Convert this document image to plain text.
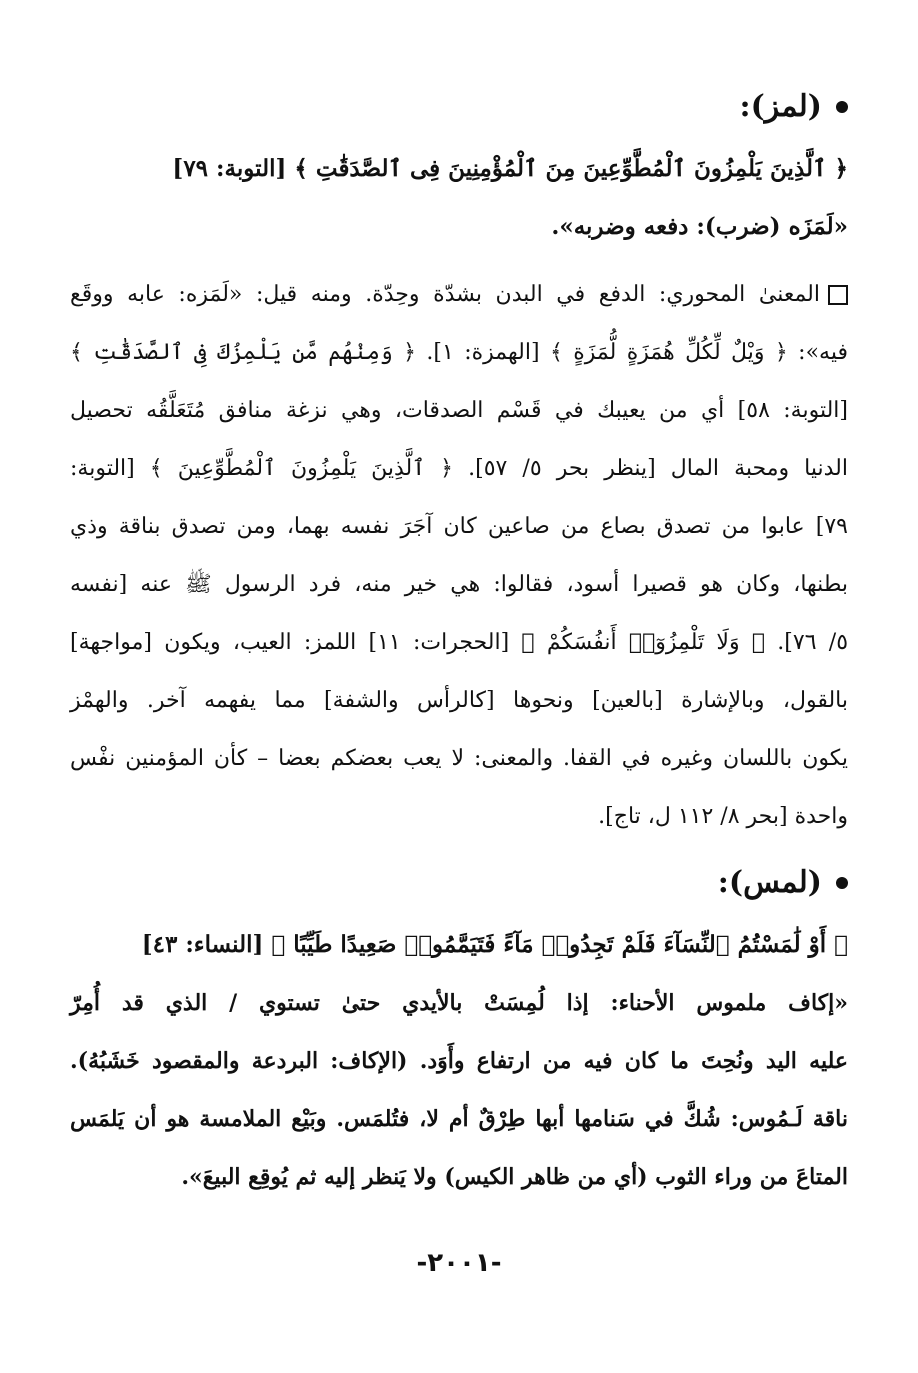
(لمز):
﴿ ٱلَّذِينَ يَلْمِزُونَ ٱلْمُطَّوِّعِينَ مِنَ ٱلْمُؤْمِنِينَ فِى ٱلصَّدَقَٰتِ ﴾ [التوبة: ٧٩]
«لَمَزَه (ضرب): دفعه وضربه».
المعنىٰ المحوري: الدفع في البدن بشدّة وحِدّة. ومنه قيل: «لَمَزه: عابه ووقَع
فيه»: ﴿ وَيْلٌ لِّكُلِّ هُمَزَةٍ لُّمَزَةٍ ﴾ [الهمزة: ١]. ﴿ وَمِنْهُم مَّن يَلْمِزُكَ فِى ٱلصَّدَقَٰتِ ﴾
[التوبة: ٥٨] أي من يعيبك في قَسْم الصدقات، وهي نزغة منافق مُتَعَلَّقُه تحصيل
الدنيا ومحبة المال [ينظر بحر ٥/ ٥٧]. ﴿ ٱلَّذِينَ يَلْمِزُونَ ٱلْمُطَّوِّعِينَ ﴾ [التوبة:
٧٩] عابوا من تصدق بصاع من صاعين كان آجَرَ نفسه بهما، ومن تصدق بناقة وذي
بطنها، وكان هو قصيرا أسود، فقالوا: هي خير منه، فرد الرسول ﷺ عنه [نفسه
٥/ ٧٦]. ﴿ وَلَا تَلْمِزُوٓا۟ أَنفُسَكُمْ ﴾ [الحجرات: ١١] اللمز: العيب، ويكون [مواجهة]
بالقول، وبالإشارة [بالعين] ونحوها [كالرأس والشفة] مما يفهمه آخر. والهمْز
يكون باللسان وغيره في القفا. والمعنى: لا يعب بعضكم بعضا – كأن المؤمنين نفْس
واحدة [بحر ٨/ ١١٢ ل، تاج].
(لمس):
﴿ أَوْ لَٰمَسْتُمُ ٱلنِّسَآءَ فَلَمْ تَجِدُوا۟ مَآءً فَتَيَمَّمُوا۟ صَعِيدًا طَيِّبًا ﴾ [النساء: ٤٣]
«إكاف ملموس الأحناء: إذا لُمِسَتْ بالأيدي حتىٰ تستوي / الذي قد أُمِرّ
عليه اليد ونُحِتَ ما كان فيه من ارتفاع وأَوَد. (الإكاف: البردعة والمقصود خَشَبُهُ).
ناقة لَـمُوس: شُكَّ في سَنامها أبها طِرْقٌ أم لا، فتُلمَس. وبَيْع الملامسة هو أن يَلمَس
المتاعَ من وراء الثوب (أي من ظاهر الكيس) ولا يَنظر إليه ثم يُوقِع البيعَ».
-٢٠٠١-
